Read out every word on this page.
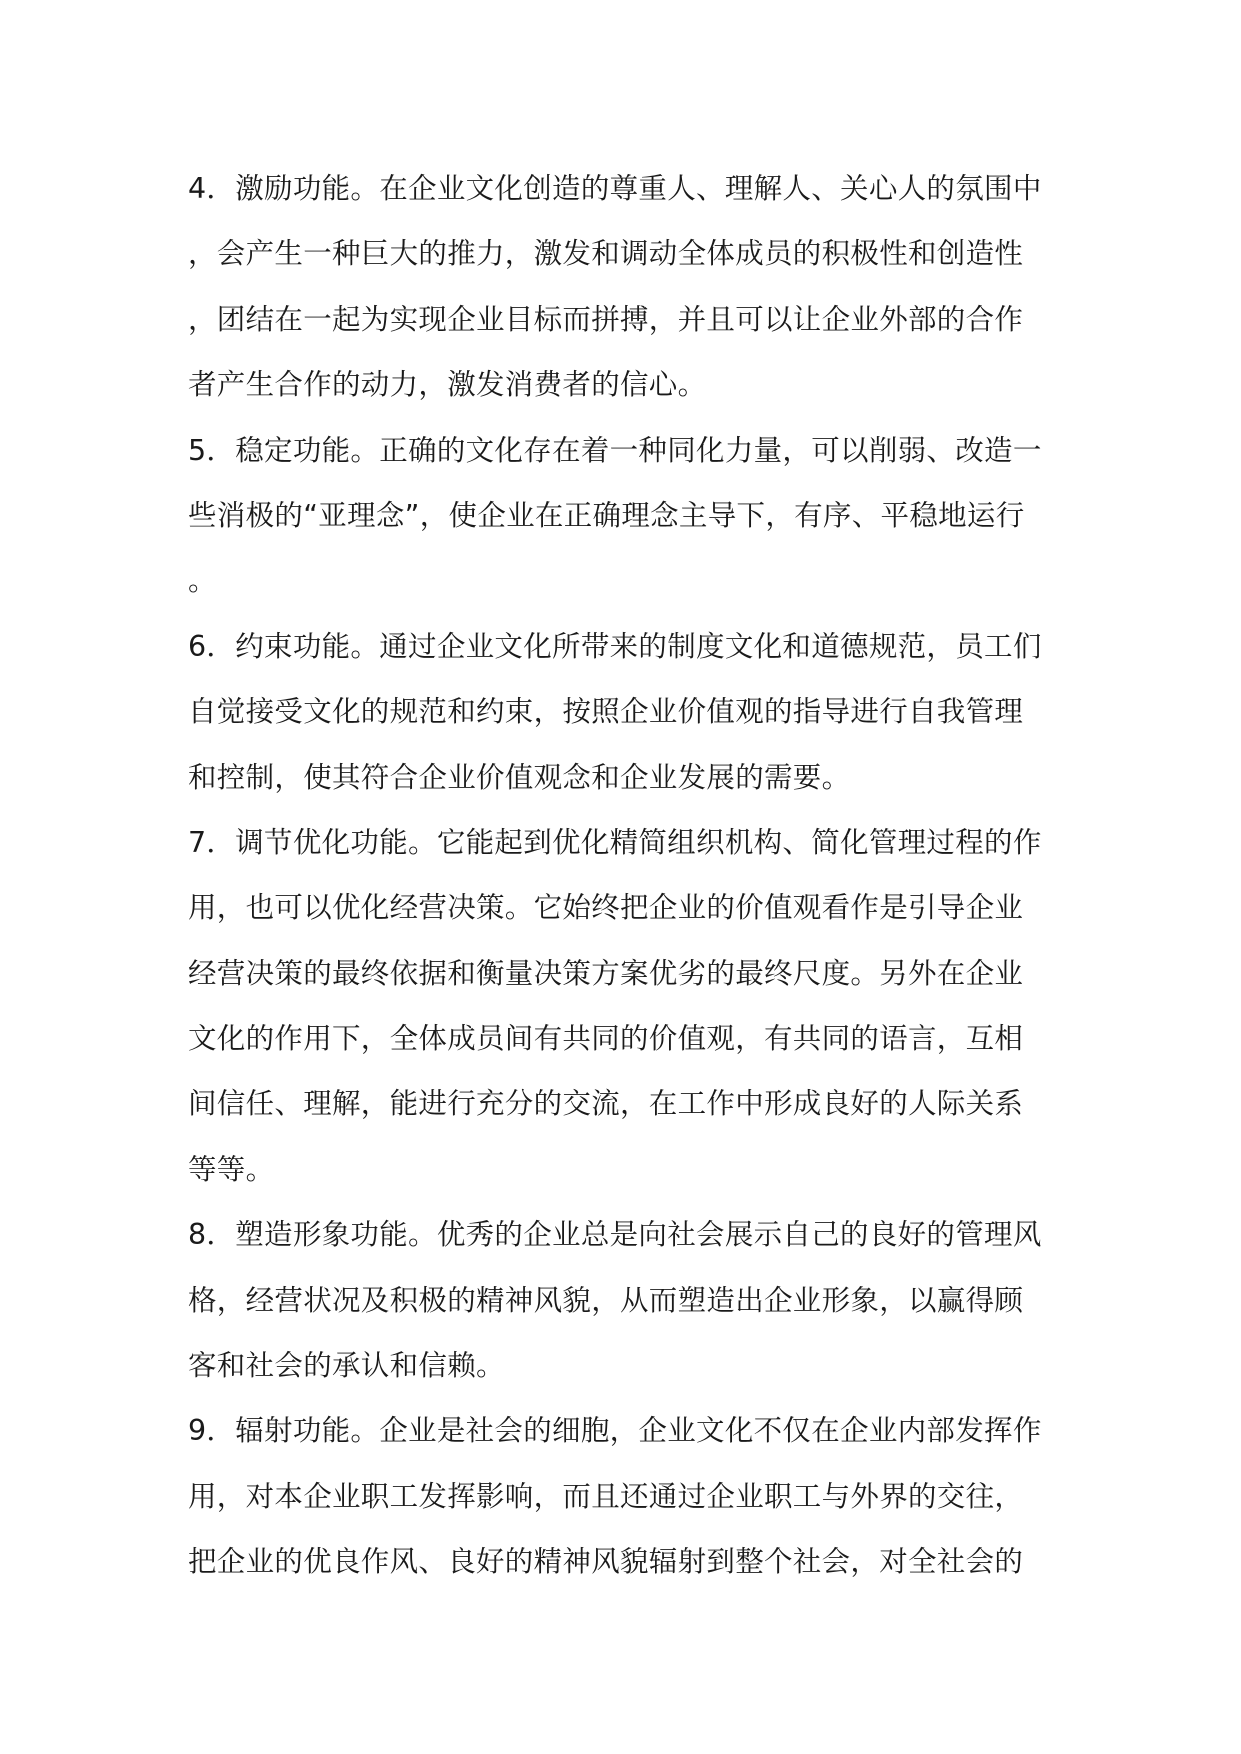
4．激励功能。在企业文化创造的尊重人、理解人、关心人的氛围中
，会产生一种巨大的推力，激发和调动全体成员的积极性和创造性
，团结在一起为实现企业目标而拼搏，并且可以让企业外部的合作
者产生合作的动力，激发消费者的信心。
5．稳定功能。正确的文化存在着一种同化力量，可以削弱、改造一
些消极的“亚理念”，使企业在正确理念主导下，有序、平稳地运行
。
6．约束功能。通过企业文化所带来的制度文化和道德规范，员工们
自觉接受文化的规范和约束，按照企业价值观的指导进行自我管理
和控制，使其符合企业价值观念和企业发展的需要。
7．调节优化功能。它能起到优化精简组织机构、简化管理过程的作
用，也可以优化经营决策。它始终把企业的价值观看作是引导企业
经营决策的最终依据和衡量决策方案优劣的最终尺度。另外在企业
文化的作用下，全体成员间有共同的价值观，有共同的语言，互相
间信任、理解，能进行充分的交流，在工作中形成良好的人际关系
等等。
8．塑造形象功能。优秀的企业总是向社会展示自己的良好的管理风
格，经营状况及积极的精神风貌，从而塑造出企业形象，以赢得顾
客和社会的承认和信赖。
9．辐射功能。企业是社会的细胞，企业文化不仅在企业内部发挥作
用，对本企业职工发挥影响，而且还通过企业职工与外界的交往，
把企业的优良作风、良好的精神风貌辐射到整个社会，对全社会的
